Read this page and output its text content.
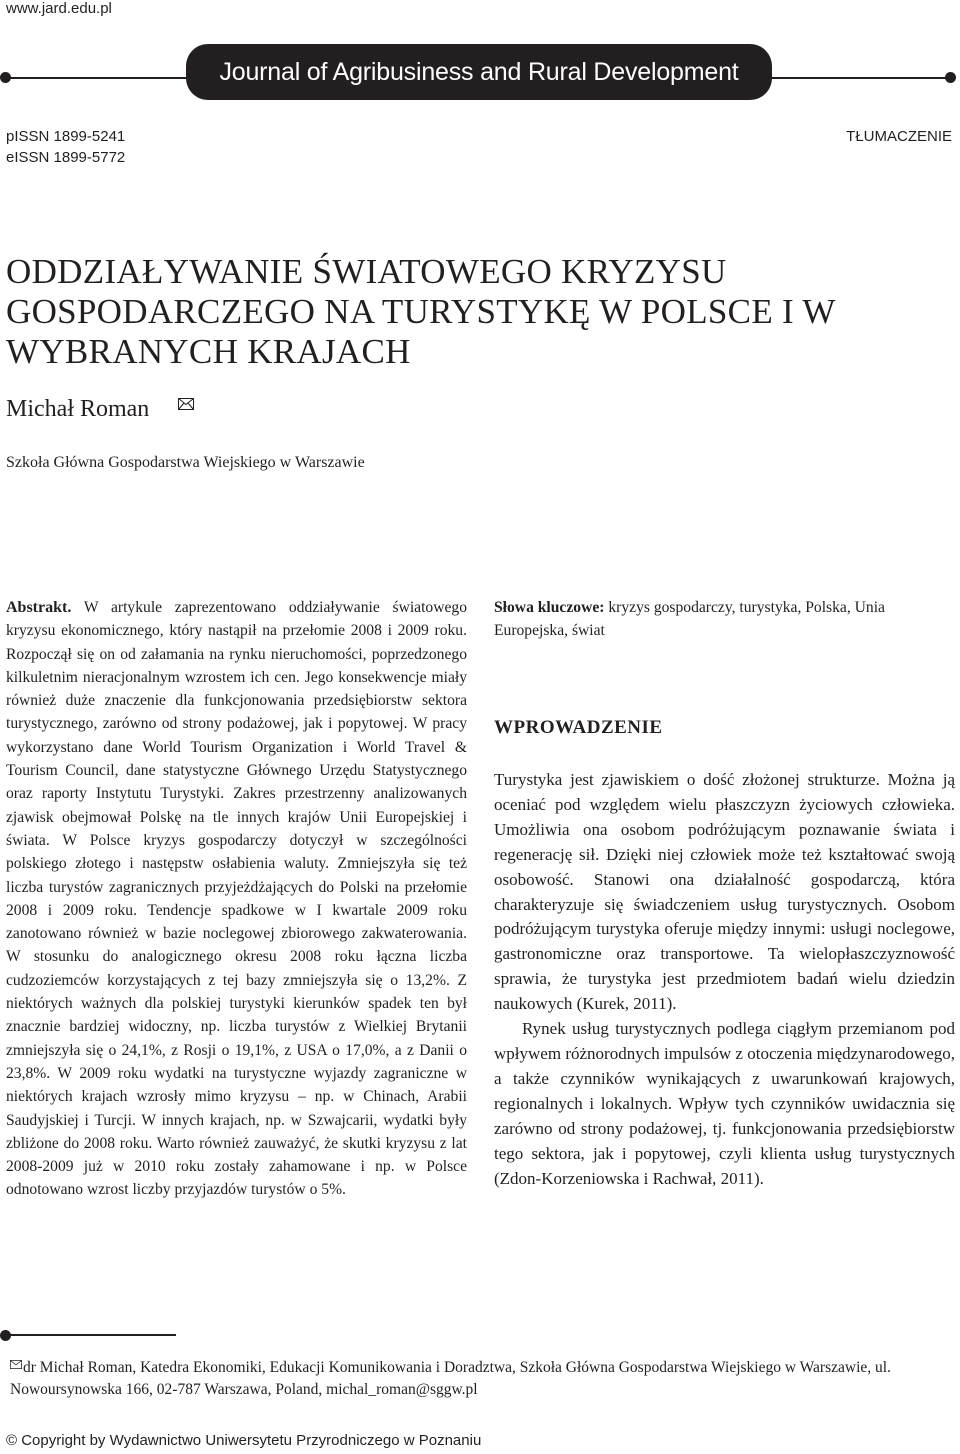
www.jard.edu.pl
Journal of Agribusiness and Rural Development
pISSN 1899-5241
eISSN 1899-5772
TŁUMACZENIE
ODDZIAŁYWANIE ŚWIATOWEGO KRYZYSU GOSPODARCZEGO NA TURYSTYKĘ W POLSCE I W WYBRANYCH KRAJACH
Michał Roman
Szkoła Główna Gospodarstwa Wiejskiego w Warszawie
Abstrakt. W artykule zaprezentowano oddziaływanie światowego kryzysu ekonomicznego, który nastąpił na przełomie 2008 i 2009 roku. Rozpoczął się on od załamania na rynku nieruchomości, poprzedzonego kilkuletnim nieracjonalnym wzrostem ich cen. Jego konsekwencje miały również duże znaczenie dla funkcjonowania przedsiębiorstw sektora turystycznego, zarówno od strony podażowej, jak i popytowej. W pracy wykorzystano dane World Tourism Organization i World Travel & Tourism Council, dane statystyczne Głównego Urzędu Statystycznego oraz raporty Instytutu Turystyki. Zakres przestrzenny analizowanych zjawisk obejmował Polskę na tle innych krajów Unii Europejskiej i świata. W Polsce kryzys gospodarczy dotyczył w szczególności polskiego złotego i następstw osłabienia waluty. Zmniejszyła się też liczba turystów zagranicznych przyjeżdżających do Polski na przełomie 2008 i 2009 roku. Tendencje spadkowe w I kwartale 2009 roku zanotowano również w bazie noclegowej zbiorowego zakwaterowania. W stosunku do analogicznego okresu 2008 roku łączna liczba cudzoziemców korzystających z tej bazy zmniejszyła się o 13,2%. Z niektórych ważnych dla polskiej turystyki kierunków spadek ten był znacznie bardziej widoczny, np. liczba turystów z Wielkiej Brytanii zmniejszyła się o 24,1%, z Rosji o 19,1%, z USA o 17,0%, a z Danii o 23,8%. W 2009 roku wydatki na turystyczne wyjazdy zagraniczne w niektórych krajach wzrosły mimo kryzysu – np. w Chinach, Arabii Saudyjskiej i Turcji. W innych krajach, np. w Szwajcarii, wydatki były zbliżone do 2008 roku. Warto również zauważyć, że skutki kryzysu z lat 2008-2009 już w 2010 roku zostały zahamowane i np. w Polsce odnotowano wzrost liczby przyjazdów turystów o 5%.
Słowa kluczowe: kryzys gospodarczy, turystyka, Polska, Unia Europejska, świat
WPROWADZENIE

Turystyka jest zjawiskiem o dość złożonej strukturze. Można ją oceniać pod względem wielu płaszczyzn życiowych człowieka. Umożliwia ona osobom podróżującym poznawanie świata i regenerację sił. Dzięki niej człowiek może też kształtować swoją osobowość. Stanowi ona działalność gospodarczą, która charakteryzuje się świadczeniem usług turystycznych. Osobom podróżującym turystyka oferuje między innymi: usługi noclegowe, gastronomiczne oraz transportowe. Ta wielopłaszczyznowość sprawia, że turystyka jest przedmiotem badań wielu dziedzin naukowych (Kurek, 2011).

Rynek usług turystycznych podlega ciągłym przemianom pod wpływem różnorodnych impulsów z otoczenia międzynarodowego, a także czynników wynikających z uwarunkowań krajowych, regionalnych i lokalnych. Wpływ tych czynników uwidacznia się zarówno od strony podażowej, tj. funkcjonowania przedsiębiorstw tego sektora, jak i popytowej, czyli klienta usług turystycznych (Zdon-Korzeniowska i Rachwał, 2011).

dr Michał Roman, Katedra Ekonomiki, Edukacji Komunikowania i Doradztwa, Szkoła Główna Gospodarstwa Wiejskiego w Warszawie, ul. Nowoursynowska 166, 02-787 Warszawa, Poland, michal_roman@sggw.pl
© Copyright by Wydawnictwo Uniwersytetu Przyrodniczego w Poznaniu
